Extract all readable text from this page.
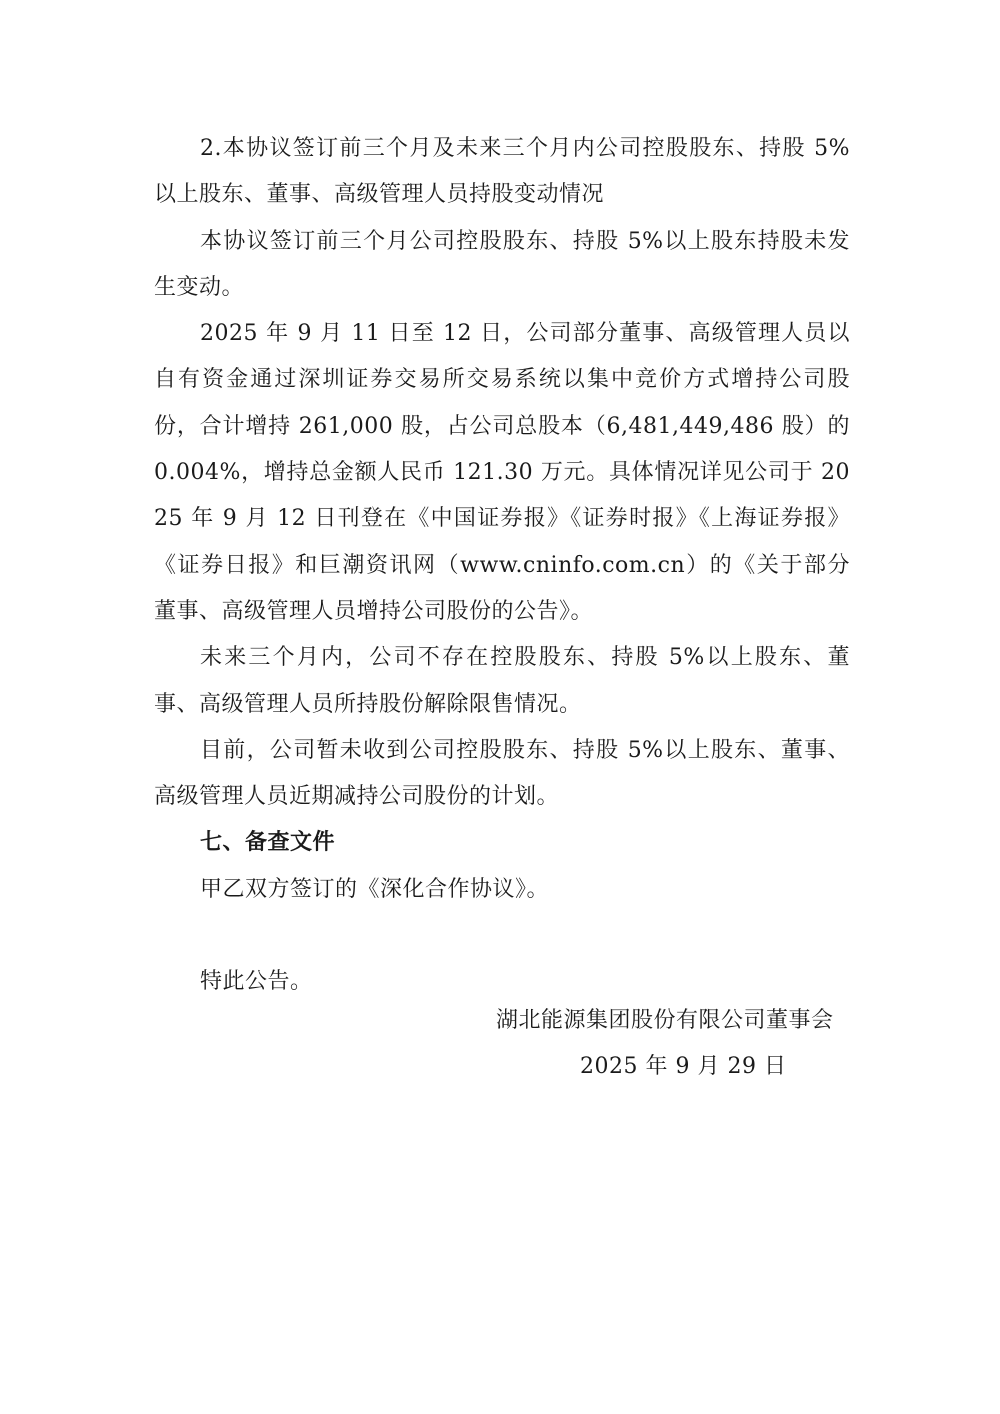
2.本协议签订前三个月及未来三个月内公司控股股东、持股 5%以上股东、董事、高级管理人员持股变动情况

本协议签订前三个月公司控股股东、持股 5%以上股东持股未发生变动。

2025 年 9 月 11 日至 12 日，公司部分董事、高级管理人员以自有资金通过深圳证券交易所交易系统以集中竞价方式增持公司股份，合计增持 261,000 股，占公司总股本（6,481,449,486 股）的 0.004%，增持总金额人民币 121.30 万元。具体情况详见公司于 2025 年 9 月 12 日刊登在《中国证券报》《证券时报》《上海证券报》《证券日报》和巨潮资讯网（www.cninfo.com.cn）的《关于部分董事、高级管理人员增持公司股份的公告》。

未来三个月内，公司不存在控股股东、持股 5%以上股东、董事、高级管理人员所持股份解除限售情况。

目前，公司暂未收到公司控股股东、持股 5%以上股东、董事、高级管理人员近期减持公司股份的计划。

七、备查文件

甲乙双方签订的《深化合作协议》。

特此公告。

湖北能源集团股份有限公司董事会
2025 年 9 月 29 日
